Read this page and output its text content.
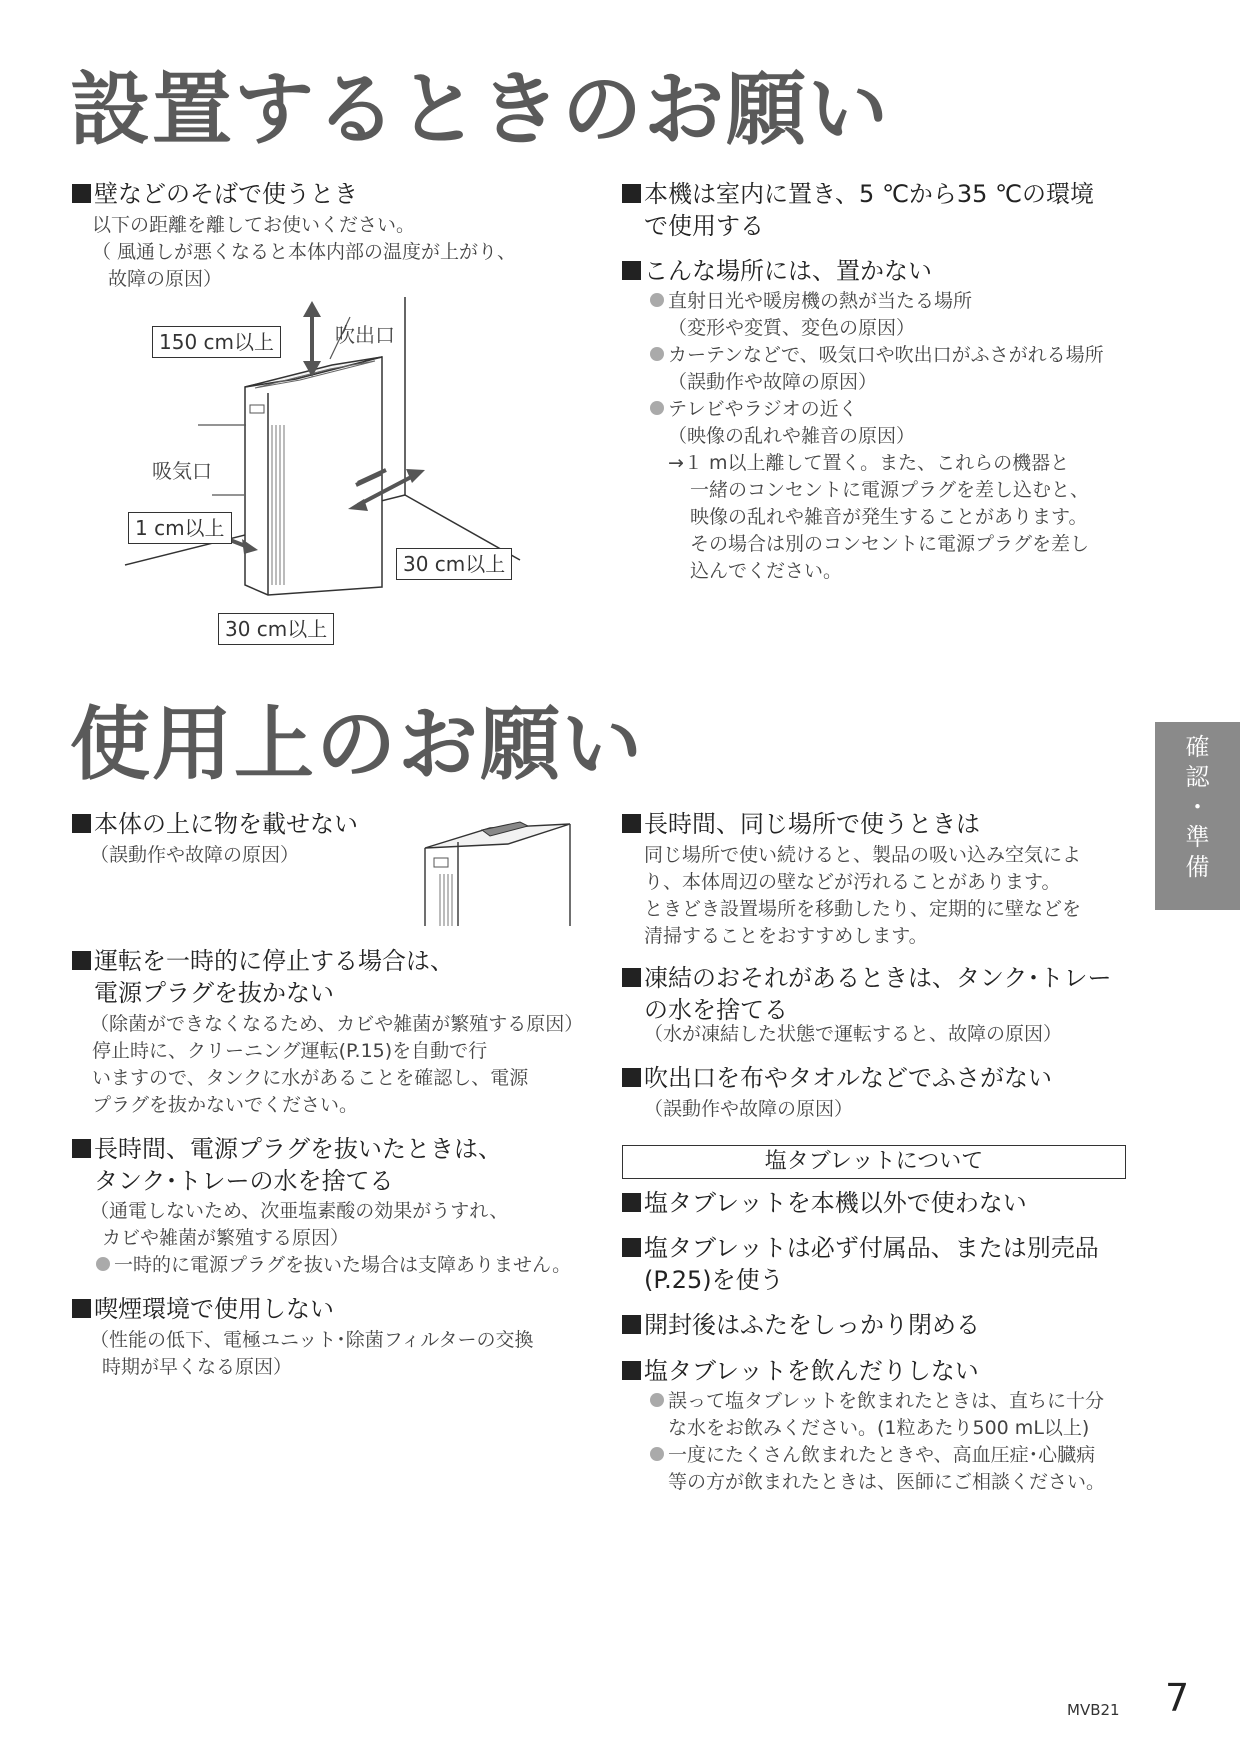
設置するときのお願い
壁などのそばで使うとき
以下の距離を離してお使いください。
（ 風通しが悪くなると本体内部の温度が上がり、
故障の原因）
150 cm以上	吹出口
吸気口
1 cm以上
30 cm以上
30 cm以上
本機は室内に置き、5 ℃から35 ℃の環境
で使用する
こんな場所には、置かない
直射日光や暖房機の熱が当たる場所
（変形や変質、変色の原因）
カーテンなどで、吸気口や吹出口がふさがれる場所
（誤動作や故障の原因）
テレビやラジオの近く
（映像の乱れや雑音の原因）
→１ m以上離して置く。また、これらの機器と
一緒のコンセントに電源プラグを差し込むと、
映像の乱れや雑音が発生することがあります。
その場合は別のコンセントに電源プラグを差し
込んでください。
使用上のお願い	確
認
・
準
備
本体の上に物を載せない
（誤動作や故障の原因）
運転を一時的に停止する場合は、
電源プラグを抜かない
（除菌ができなくなるため、カビや雑菌が繁殖する原因）
停止時に、クリーニング運転(P.15)を自動で行
いますので、タンクに水があることを確認し、電源
プラグを抜かないでください。
長時間、電源プラグを抜いたときは、
タンク･トレーの水を捨てる
（通電しないため、次亜塩素酸の効果がうすれ、
カビや雑菌が繁殖する原因）
一時的に電源プラグを抜いた場合は支障ありません。
喫煙環境で使用しない
（性能の低下、電極ユニット･除菌フィルターの交換
時期が早くなる原因）
長時間、同じ場所で使うときは
同じ場所で使い続けると、製品の吸い込み空気によ
り、本体周辺の壁などが汚れることがあります。
ときどき設置場所を移動したり、定期的に壁などを
清掃することをおすすめします。
凍結のおそれがあるときは、タンク･トレー
の水を捨てる
（水が凍結した状態で運転すると、故障の原因）
吹出口を布やタオルなどでふさがない
（誤動作や故障の原因）
塩タブレットについて
塩タブレットを本機以外で使わない
塩タブレットは必ず付属品、または別売品
(P.25)を使う
開封後はふたをしっかり閉める
塩タブレットを飲んだりしない
誤って塩タブレットを飲まれたときは、直ちに十分
な水をお飲みください。(1粒あたり500 mL以上)
一度にたくさん飲まれたときや、高血圧症･心臓病
等の方が飲まれたときは、医師にご相談ください。
MVB21 7
